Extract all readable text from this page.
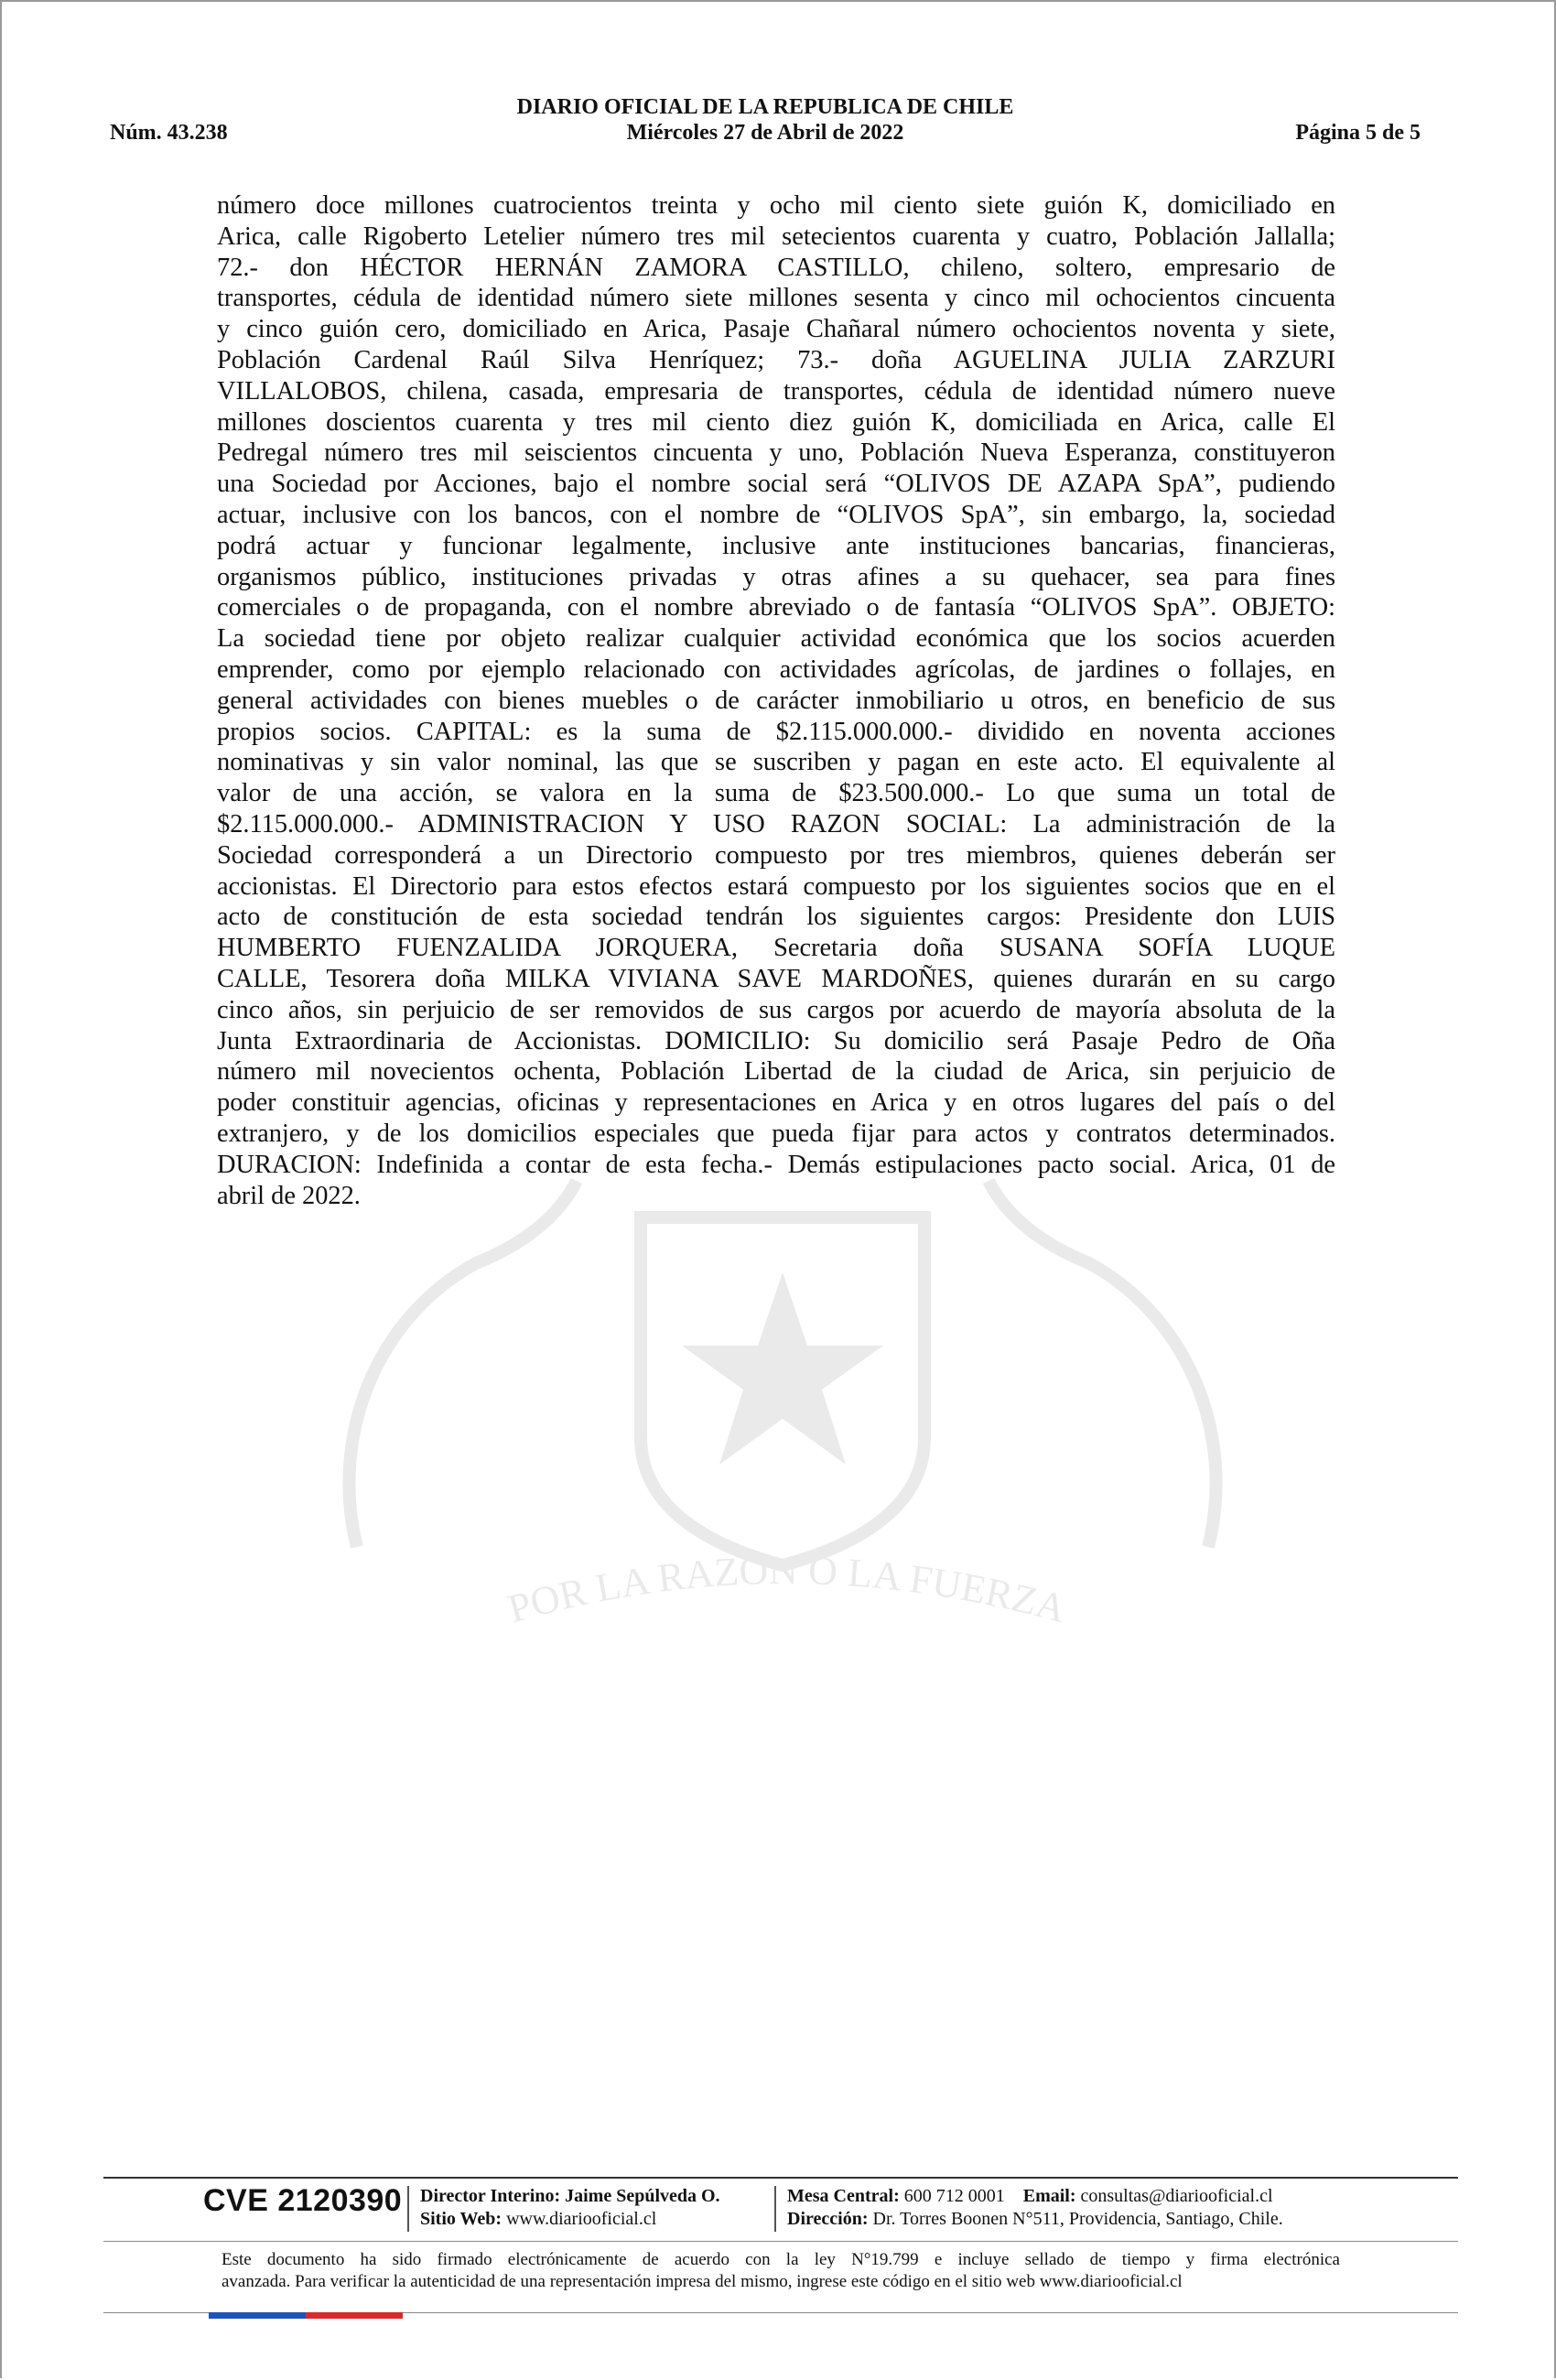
DIARIO OFICIAL DE LA REPUBLICA DE CHILE
Núm. 43.238	Miércoles 27 de Abril de 2022	Página 5 de 5
POR LA RAZON O LA FUERZA
número doce millones cuatrocientos treinta y ocho mil ciento siete guión K, domiciliado en
Arica, calle Rigoberto Letelier número tres mil setecientos cuarenta y cuatro, Población Jallalla;
72.- don HÉCTOR HERNÁN ZAMORA CASTILLO, chileno, soltero, empresario de
transportes, cédula de identidad número siete millones sesenta y cinco mil ochocientos cincuenta
y cinco guión cero, domiciliado en Arica, Pasaje Chañaral número ochocientos noventa y siete,
Población Cardenal Raúl Silva Henríquez; 73.- doña AGUELINA JULIA ZARZURI
VILLALOBOS, chilena, casada, empresaria de transportes, cédula de identidad número nueve
millones doscientos cuarenta y tres mil ciento diez guión K, domiciliada en Arica, calle El
Pedregal número tres mil seiscientos cincuenta y uno, Población Nueva Esperanza, constituyeron
una Sociedad por Acciones, bajo el nombre social será “OLIVOS DE AZAPA SpA”, pudiendo
actuar, inclusive con los bancos, con el nombre de “OLIVOS SpA”, sin embargo, la, sociedad
podrá actuar y funcionar legalmente, inclusive ante instituciones bancarias, financieras,
organismos público, instituciones privadas y otras afines a su quehacer, sea para fines
comerciales o de propaganda, con el nombre abreviado o de fantasía “OLIVOS SpA”. OBJETO:
La sociedad tiene por objeto realizar cualquier actividad económica que los socios acuerden
emprender, como por ejemplo relacionado con actividades agrícolas, de jardines o follajes, en
general actividades con bienes muebles o de carácter inmobiliario u otros, en beneficio de sus
propios socios. CAPITAL: es la suma de $2.115.000.000.- dividido en noventa acciones
nominativas y sin valor nominal, las que se suscriben y pagan en este acto. El equivalente al
valor de una acción, se valora en la suma de $23.500.000.- Lo que suma un total de
$2.115.000.000.- ADMINISTRACION Y USO RAZON SOCIAL: La administración de la
Sociedad corresponderá a un Directorio compuesto por tres miembros, quienes deberán ser
accionistas. El Directorio para estos efectos estará compuesto por los siguientes socios que en el
acto de constitución de esta sociedad tendrán los siguientes cargos: Presidente don LUIS
HUMBERTO FUENZALIDA JORQUERA, Secretaria doña SUSANA SOFÍA LUQUE
CALLE, Tesorera doña MILKA VIVIANA SAVE MARDOÑES, quienes durarán en su cargo
cinco años, sin perjuicio de ser removidos de sus cargos por acuerdo de mayoría absoluta de la
Junta Extraordinaria de Accionistas. DOMICILIO: Su domicilio será Pasaje Pedro de Oña
número mil novecientos ochenta, Población Libertad de la ciudad de Arica, sin perjuicio de
poder constituir agencias, oficinas y representaciones en Arica y en otros lugares del país o del
extranjero, y de los domicilios especiales que pueda fijar para actos y contratos determinados.
DURACION: Indefinida a contar de esta fecha.- Demás estipulaciones pacto social. Arica, 01 de
abril de 2022.
CVE 2120390 Director Interino: Jaime Sepúlveda O.
Sitio Web: www.diariooficial.cl
Mesa Central: 600 712 0001 Email: consultas@diariooficial.cl
Dirección: Dr. Torres Boonen N°511, Providencia, Santiago, Chile.
Este documento ha sido firmado electrónicamente de acuerdo con la ley N°19.799 e incluye sellado de tiempo y firma electrónica
avanzada. Para verificar la autenticidad de una representación impresa del mismo, ingrese este código en el sitio web www.diariooficial.cl
